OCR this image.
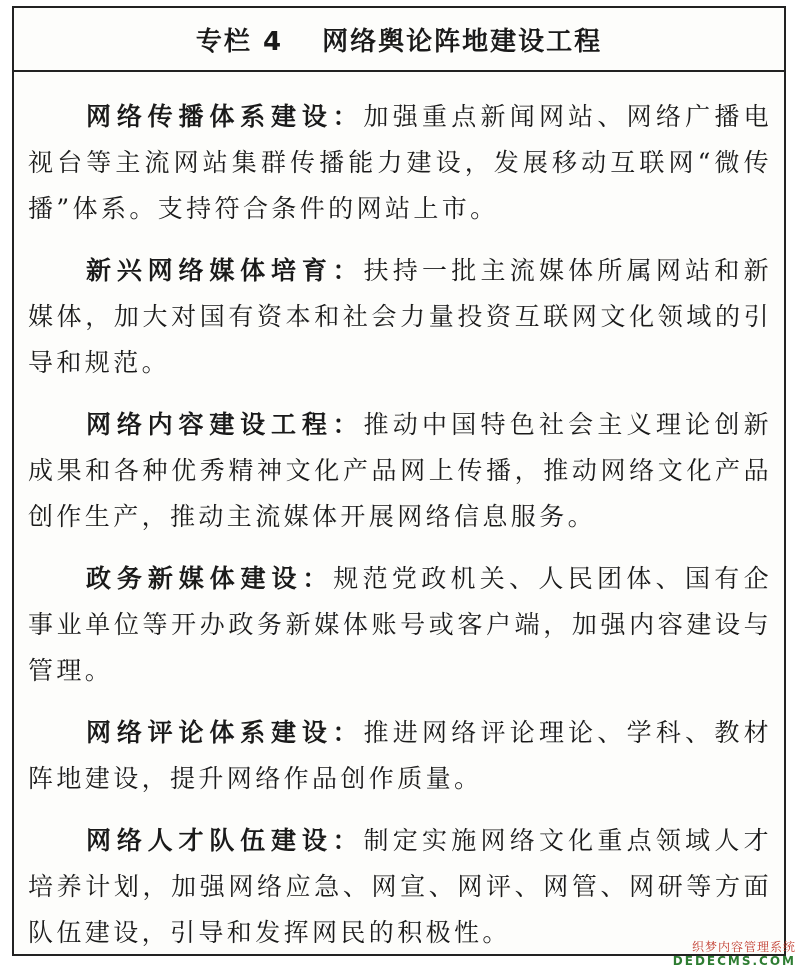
专栏 4　 网络舆论阵地建设工程

网络传播体系建设：加强重点新闻网站、网络广播电视台等主流网站集群传播能力建设，发展移动互联网“微传播”体系。支持符合条件的网站上市。

新兴网络媒体培育：扶持一批主流媒体所属网站和新媒体，加大对国有资本和社会力量投资互联网文化领域的引导和规范。

网络内容建设工程：推动中国特色社会主义理论创新成果和各种优秀精神文化产品网上传播，推动网络文化产品创作生产，推动主流媒体开展网络信息服务。

政务新媒体建设：规范党政机关、人民团体、国有企事业单位等开办政务新媒体账号或客户端，加强内容建设与管理。

网络评论体系建设：推进网络评论理论、学科、教材阵地建设，提升网络作品创作质量。

网络人才队伍建设：制定实施网络文化重点领域人才培养计划，加强网络应急、网宣、网评、网管、网研等方面队伍建设，引导和发挥网民的积极性。	织梦内容管理系统
DEDECMS.COM
